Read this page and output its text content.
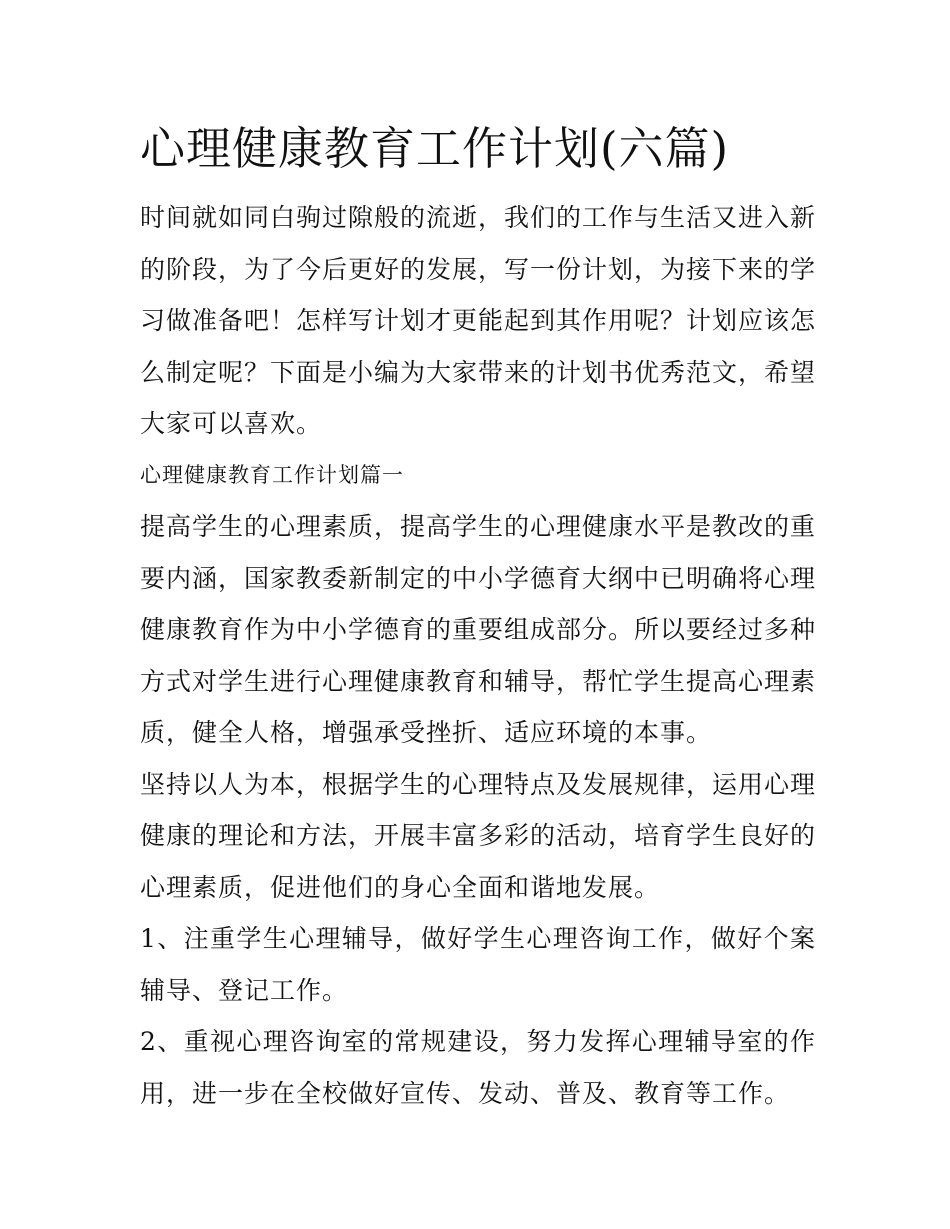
心理健康教育工作计划(六篇)

时间就如同白驹过隙般的流逝，我们的工作与生活又进入新的阶段，为了今后更好的发展，写一份计划，为接下来的学习做准备吧！怎样写计划才更能起到其作用呢？计划应该怎么制定呢？下面是小编为大家带来的计划书优秀范文，希望大家可以喜欢。

心理健康教育工作计划篇一

提高学生的心理素质，提高学生的心理健康水平是教改的重要内涵，国家教委新制定的中小学德育大纲中已明确将心理健康教育作为中小学德育的重要组成部分。所以要经过多种方式对学生进行心理健康教育和辅导，帮忙学生提高心理素质，健全人格，增强承受挫折、适应环境的本事。

坚持以人为本，根据学生的心理特点及发展规律，运用心理健康的理论和方法，开展丰富多彩的活动，培育学生良好的心理素质，促进他们的身心全面和谐地发展。

1、注重学生心理辅导，做好学生心理咨询工作，做好个案辅导、登记工作。

2、重视心理咨询室的常规建设，努力发挥心理辅导室的作用，进一步在全校做好宣传、发动、普及、教育等工作。
